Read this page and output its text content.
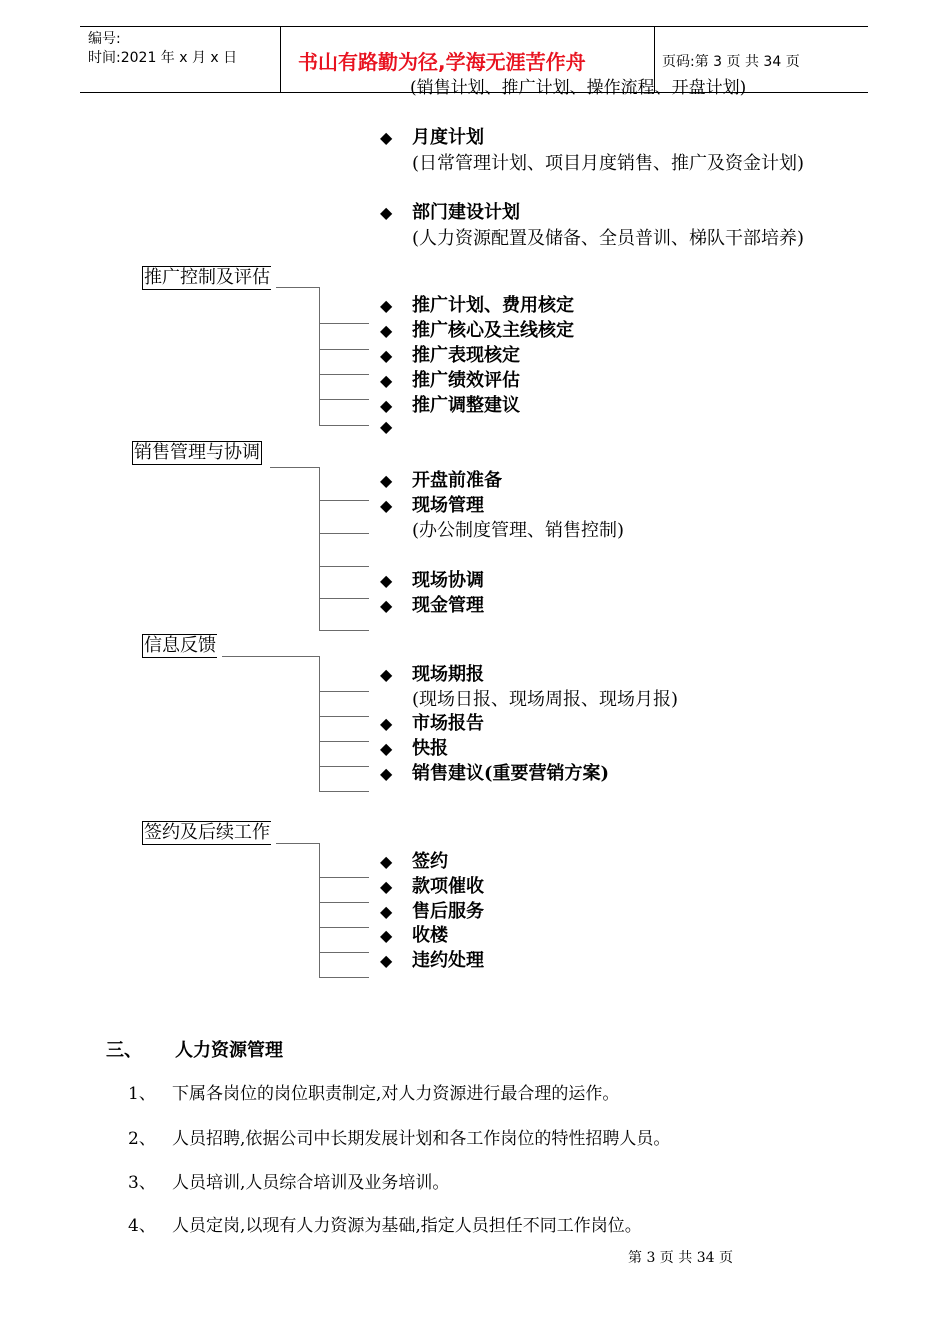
编号:
时间:2021 年 x 月 x 日	书山有路勤为径,学海无涯苦作舟	页码:第 3 页 共 34 页
(销售计划、推广计划、操作流程、开盘计划)
◆ 月度计划
(日常管理计划、项目月度销售、推广及资金计划)
◆ 部门建设计划
(人力资源配置及储备、全员普训、梯队干部培养)
推广控制及评估
◆ 推广计划、费用核定
◆ 推广核心及主线核定
◆ 推广表现核定
◆ 推广绩效评估
◆ 推广调整建议
◆
销售管理与协调
◆ 开盘前准备
◆ 现场管理
(办公制度管理、销售控制)
◆ 现场协调
◆ 现金管理
信息反馈
◆ 现场期报
(现场日报、现场周报、现场月报)
◆ 市场报告
◆ 快报
◆ 销售建议(重要营销方案)
签约及后续工作
◆ 签约
◆ 款项催收
◆ 售后服务
◆ 收楼
◆ 违约处理
三、 人力资源管理
1、 下属各岗位的岗位职责制定,对人力资源进行最合理的运作。
2、 人员招聘,依据公司中长期发展计划和各工作岗位的特性招聘人员。
3、 人员培训,人员综合培训及业务培训。
4、 人员定岗,以现有人力资源为基础,指定人员担任不同工作岗位。
第 3 页 共 34 页
